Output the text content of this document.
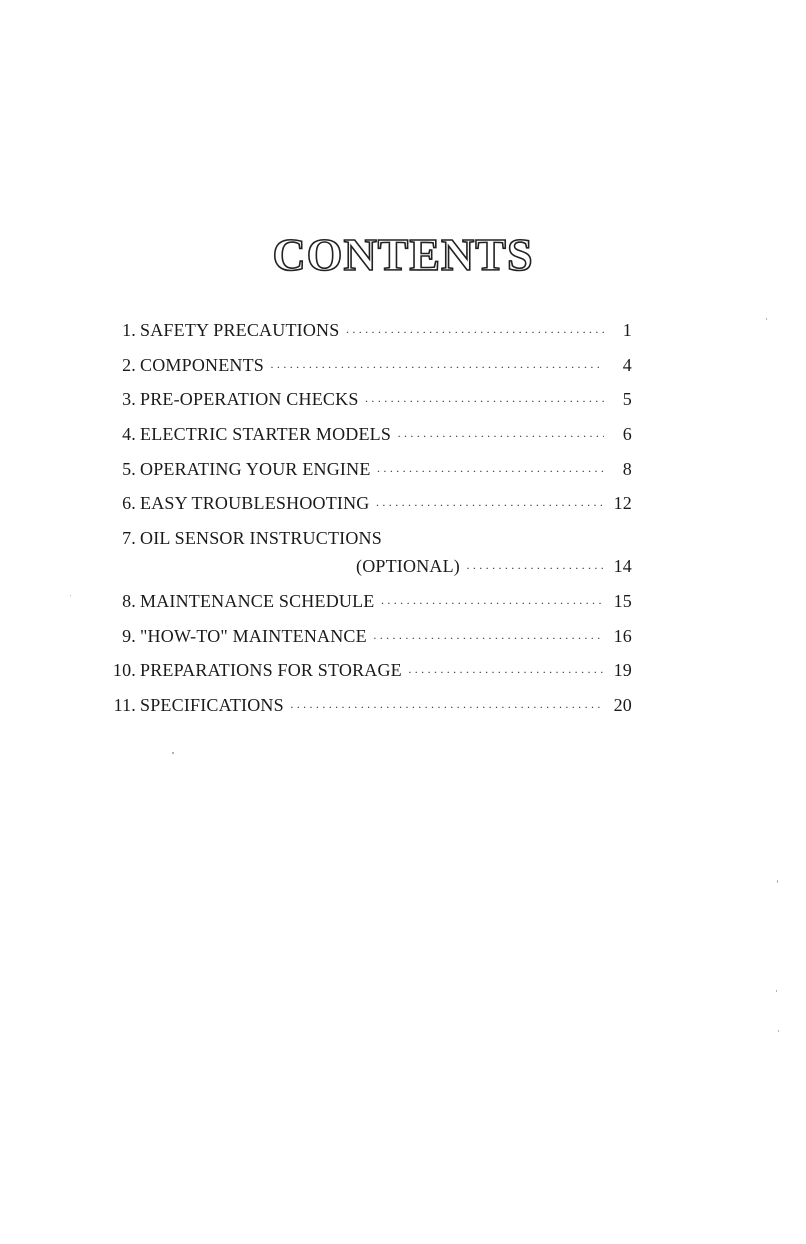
CONTENTS
1. SAFETY PRECAUTIONS ·····	1
2. COMPONENTS ·····	4
3. PRE-OPERATION CHECKS ·····	5
4. ELECTRIC STARTER MODELS ·····	6
5. OPERATING YOUR ENGINE ·····	8
6. EASY TROUBLESHOOTING ·····	12
7. OIL SENSOR INSTRUCTIONS
(OPTIONAL) ·····	14
8. MAINTENANCE SCHEDULE ·····	15
9. "HOW-TO" MAINTENANCE ·····	16
10. PREPARATIONS FOR STORAGE ·····	19
11. SPECIFICATIONS ·····	20
